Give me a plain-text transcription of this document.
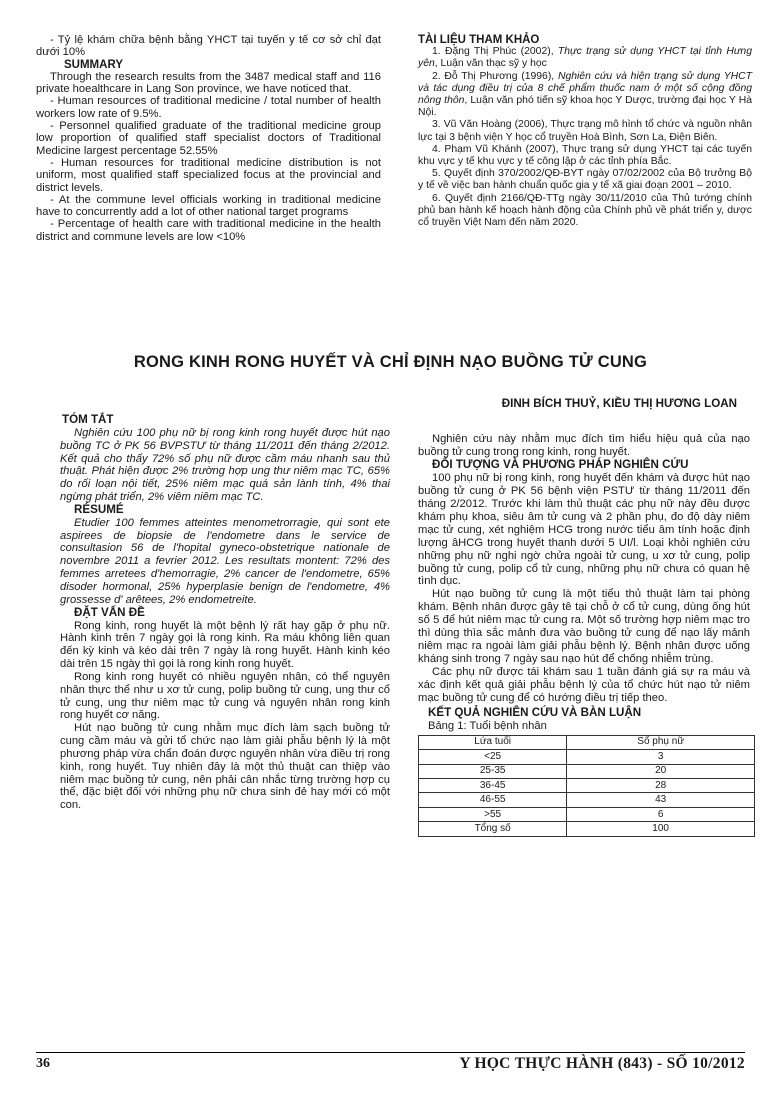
- Tỷ lệ khám chữa bệnh bằng YHCT tại tuyến y tế cơ sở chỉ đạt dưới 10%

SUMMARY

Through the research results from the 3487 medical staff and 116 private hoealthcare in Lang Son province, we have noticed that.

- Human resources of traditional medicine / total number of health workers low rate of 9.5%.

- Personnel qualified graduate of the traditional medicine group low proportion of qualified staff specialist doctors of Traditional Medicine largest percentage 52.55%

- Human resources for traditional medicine distribution is not uniform, most qualified staff specialized focus at the provincial and district levels.

- At the commune level officials working in traditional medicine have to concurrently add a lot of other national target programs

- Percentage of health care with traditional medicine in the health district and commune levels are low <10%

TÀI LIỆU THAM KHẢO

1. Đặng Thị Phúc (2002), Thực trạng sử dụng YHCT tại tỉnh Hưng yên, Luận văn thạc sỹ y học

2. Đỗ Thị Phương (1996), Nghiên cứu và hiện trạng sử dụng YHCT và tác dụng điều trị của 8 chế phẩm thuốc nam ở một số cộng đồng nông thôn, Luận văn phó tiến sỹ khoa học Y Dược, trường đại học Y Hà Nội.

3. Vũ Văn Hoàng (2006), Thực trạng mô hình tổ chức và nguồn nhân lực tại 3 bệnh viện Y học cổ truyền Hoà Bình, Sơn La, Điện Biên.

4. Phạm Vũ Khánh (2007), Thực trạng sử dụng YHCT tại các tuyến khu vực y tế khu vực y tế công lập ở các tỉnh phía Bắc.

5. Quyết định 370/2002/QĐ-BYT ngày 07/02/2002 của Bộ trưởng Bộ y tế về việc ban hành chuẩn quốc gia y tế xã giai đoạn 2001 – 2010.

6. Quyết định 2166/QĐ-TTg ngày 30/11/2010 của Thủ tướng chính phủ ban hành kế hoạch hành động của Chính phủ về phát triển y, dược cổ truyền Việt Nam đến năm 2020.

RONG KINH RONG HUYẾT VÀ CHỈ ĐỊNH NẠO BUỒNG TỬ CUNG
ĐINH BÍCH THUỶ, KIỀU THỊ HƯƠNG LOAN
TÓM TẮT

Nghiên cứu 100 phụ nữ bị rong kinh rong huyết được hút nạo buồng TC ở PK 56 BVPSTƯ từ tháng 11/2011 đến tháng 2/2012. Kết quả cho thấy 72% số phụ nữ được cầm máu nhanh sau thủ thuật. Phát hiện được 2% trường hợp ung thư niêm mạc TC, 65% do rối loạn nội tiết, 25% niêm mạc quá sản lành tính, 4% thai ngừng phát triển, 2% viêm niêm mạc TC.

RÉSUMÉ

Etudier 100 femmes atteintes menometrorragie, qui sont ete aspirees de biopsie de l'endometre dans le service de consultasion 56 de l'hopital gyneco-obstetrique nationale de novembre 2011 a fevrier 2012. Les resultats montent: 72% des femmes arretees d'hemorragie, 2% cancer de l'endometre, 65% disoder hormonal, 25% hyperplasie benign de l'endometre, 4% grossesse d' arêtees, 2% endometreite.

ĐẶT VẤN ĐỀ

Rong kinh, rong huyết là một bệnh lý rất hay gặp ở phụ nữ. Hành kinh trên 7 ngày gọi là rong kinh. Ra máu không liên quan đến kỳ kinh và kéo dài trên 7 ngày là rong huyết. Hành kinh kéo dài trên 15 ngày thì gọi là rong kinh rong huyết.

Rong kinh rong huyết có nhiều nguyên nhân, có thể nguyên nhân thực thể như u xơ tử cung, polip buồng tử cung, ung thư cổ tử cung, ung thư niêm mạc tử cung và nguyên nhân rong kinh rong huyết cơ năng.

Hút nạo buồng tử cung nhằm mục đích làm sạch buồng tử cung cầm máu và gửi tổ chức nạo làm giải phẫu bệnh lý là một phương pháp vừa chẩn đoán được nguyên nhân vừa điều trị rong kinh, rong huyết. Tuy nhiên đây là một thủ thuật can thiệp vào niêm mạc buồng tử cung, nên phải cân nhắc từng trường hợp cụ thể, đặc biệt đối với những phụ nữ chưa sinh đẻ hay mới có một con.

Nghiên cứu này nhằm mục đích tìm hiểu hiệu quả của nạo buồng tử cung trong rong kinh, rong huyết.

ĐỐI TƯỢNG VÀ PHƯƠNG PHÁP NGHIÊN CỨU

100 phụ nữ bị rong kinh, rong huyết đến khám và được hút nạo buồng tử cung ở PK 56 bệnh viện PSTƯ từ tháng 11/2011 đến tháng 2/2012. Trước khi làm thủ thuật các phụ nữ này đều được khám phụ khoa, siêu âm tử cung và 2 phần phụ, đo độ dày niêm mạc tử cung, xét nghiệm HCG trong nước tiểu âm tính hoặc định lượng âHCG trong huyết thanh dưới 5 UI/l. Loại khỏi nghiên cứu những phụ nữ nghi ngờ chửa ngoài tử cung, u xơ tử cung, polip buồng tử cung, polip cổ tử cung, những phụ nữ chưa có quan hệ tình dục.

Hút nạo buồng tử cung là một tiểu thủ thuật làm tại phòng khám. Bệnh nhân được gây tê tại chỗ ở cổ tử cung, dùng ống hút số 5 để hút niêm mạc tử cung ra. Một số trường hợp niêm mạc tro thì dùng thìa sắc mảnh đưa vào buồng tử cung để nạo lấy mảnh niêm mạc ra ngoài làm giải phẫu bệnh lý. Bệnh nhân được uống kháng sinh trong 7 ngày sau nạo hút để chống nhiễm trùng.

Các phụ nữ được tái khám sau 1 tuần đánh giá sự ra máu và xác định kết quả giải phẫu bệnh lý của tổ chức hút nạo tử niêm mạc buồng tử cung để có hướng điều trị tiếp theo.

KẾT QUẢ NGHIÊN CỨU VÀ BÀN LUẬN
Bảng 1: Tuổi bệnh nhân
Lứa tuổi	Số phụ nữ
<25	3
25-35	20
36-45	28
46-55	43
>55	6
Tổng số	100
36	Y HỌC THỰC HÀNH (843) - SỐ 10/2012
